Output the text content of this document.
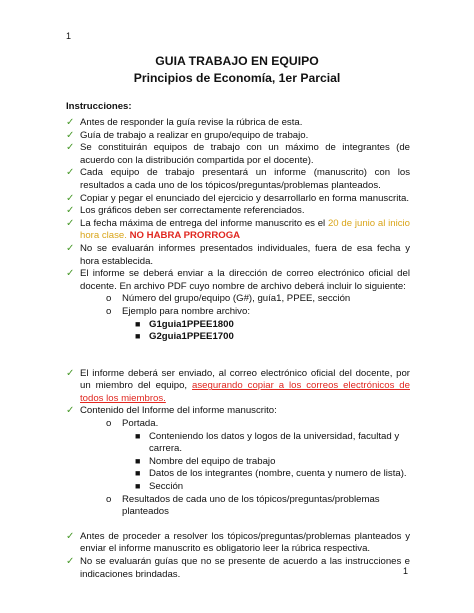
1
GUIA TRABAJO EN EQUIPO
Principios de Economía, 1er Parcial
Instrucciones:
✓ Antes de responder la guía revise la rúbrica de esta.
✓ Guía de trabajo a realizar en grupo/equipo de trabajo.
✓ Se constituirán equipos de trabajo con un máximo de integrantes (de acuerdo con la distribución compartida por el docente).
✓ Cada equipo de trabajo presentará un informe (manuscrito) con los resultados a cada uno de los tópicos/preguntas/problemas planteados.
✓ Copiar y pegar el enunciado del ejercicio y desarrollarlo en forma manuscrita.
✓ Los gráficos deben ser correctamente referenciados.
✓ La fecha máxima de entrega del informe manuscrito es el 20 de junio al inicio hora clase. NO HABRA PRORROGA
✓ No se evaluarán informes presentados individuales, fuera de esa fecha y hora establecida.
✓ El informe se deberá enviar a la dirección de correo electrónico oficial del docente. En archivo PDF cuyo nombre de archivo deberá incluir lo siguiente:
o Número del grupo/equipo (G#), guía1, PPEE, sección
o Ejemplo para nombre archivo:
■ G1guia1PPEE1800
■ G2guia1PPEE1700
✓ El informe deberá ser enviado, al correo electrónico oficial del docente, por un miembro del equipo, asegurando copiar a los correos electrónicos de todos los miembros.
✓ Contenido del Informe del informe manuscrito:
o Portada.
■ Conteniendo los datos y logos de la universidad, facultad y carrera.
■ Nombre del equipo de trabajo
■ Datos de los integrantes (nombre, cuenta y numero de lista).
■ Sección
o Resultados de cada uno de los tópicos/preguntas/problemas planteados
✓ Antes de proceder a resolver los tópicos/preguntas/problemas planteados y enviar el informe manuscrito es obligatorio leer la rúbrica respectiva.
✓ No se evaluarán guías que no se presente de acuerdo a las instrucciones e indicaciones brindadas.	1
